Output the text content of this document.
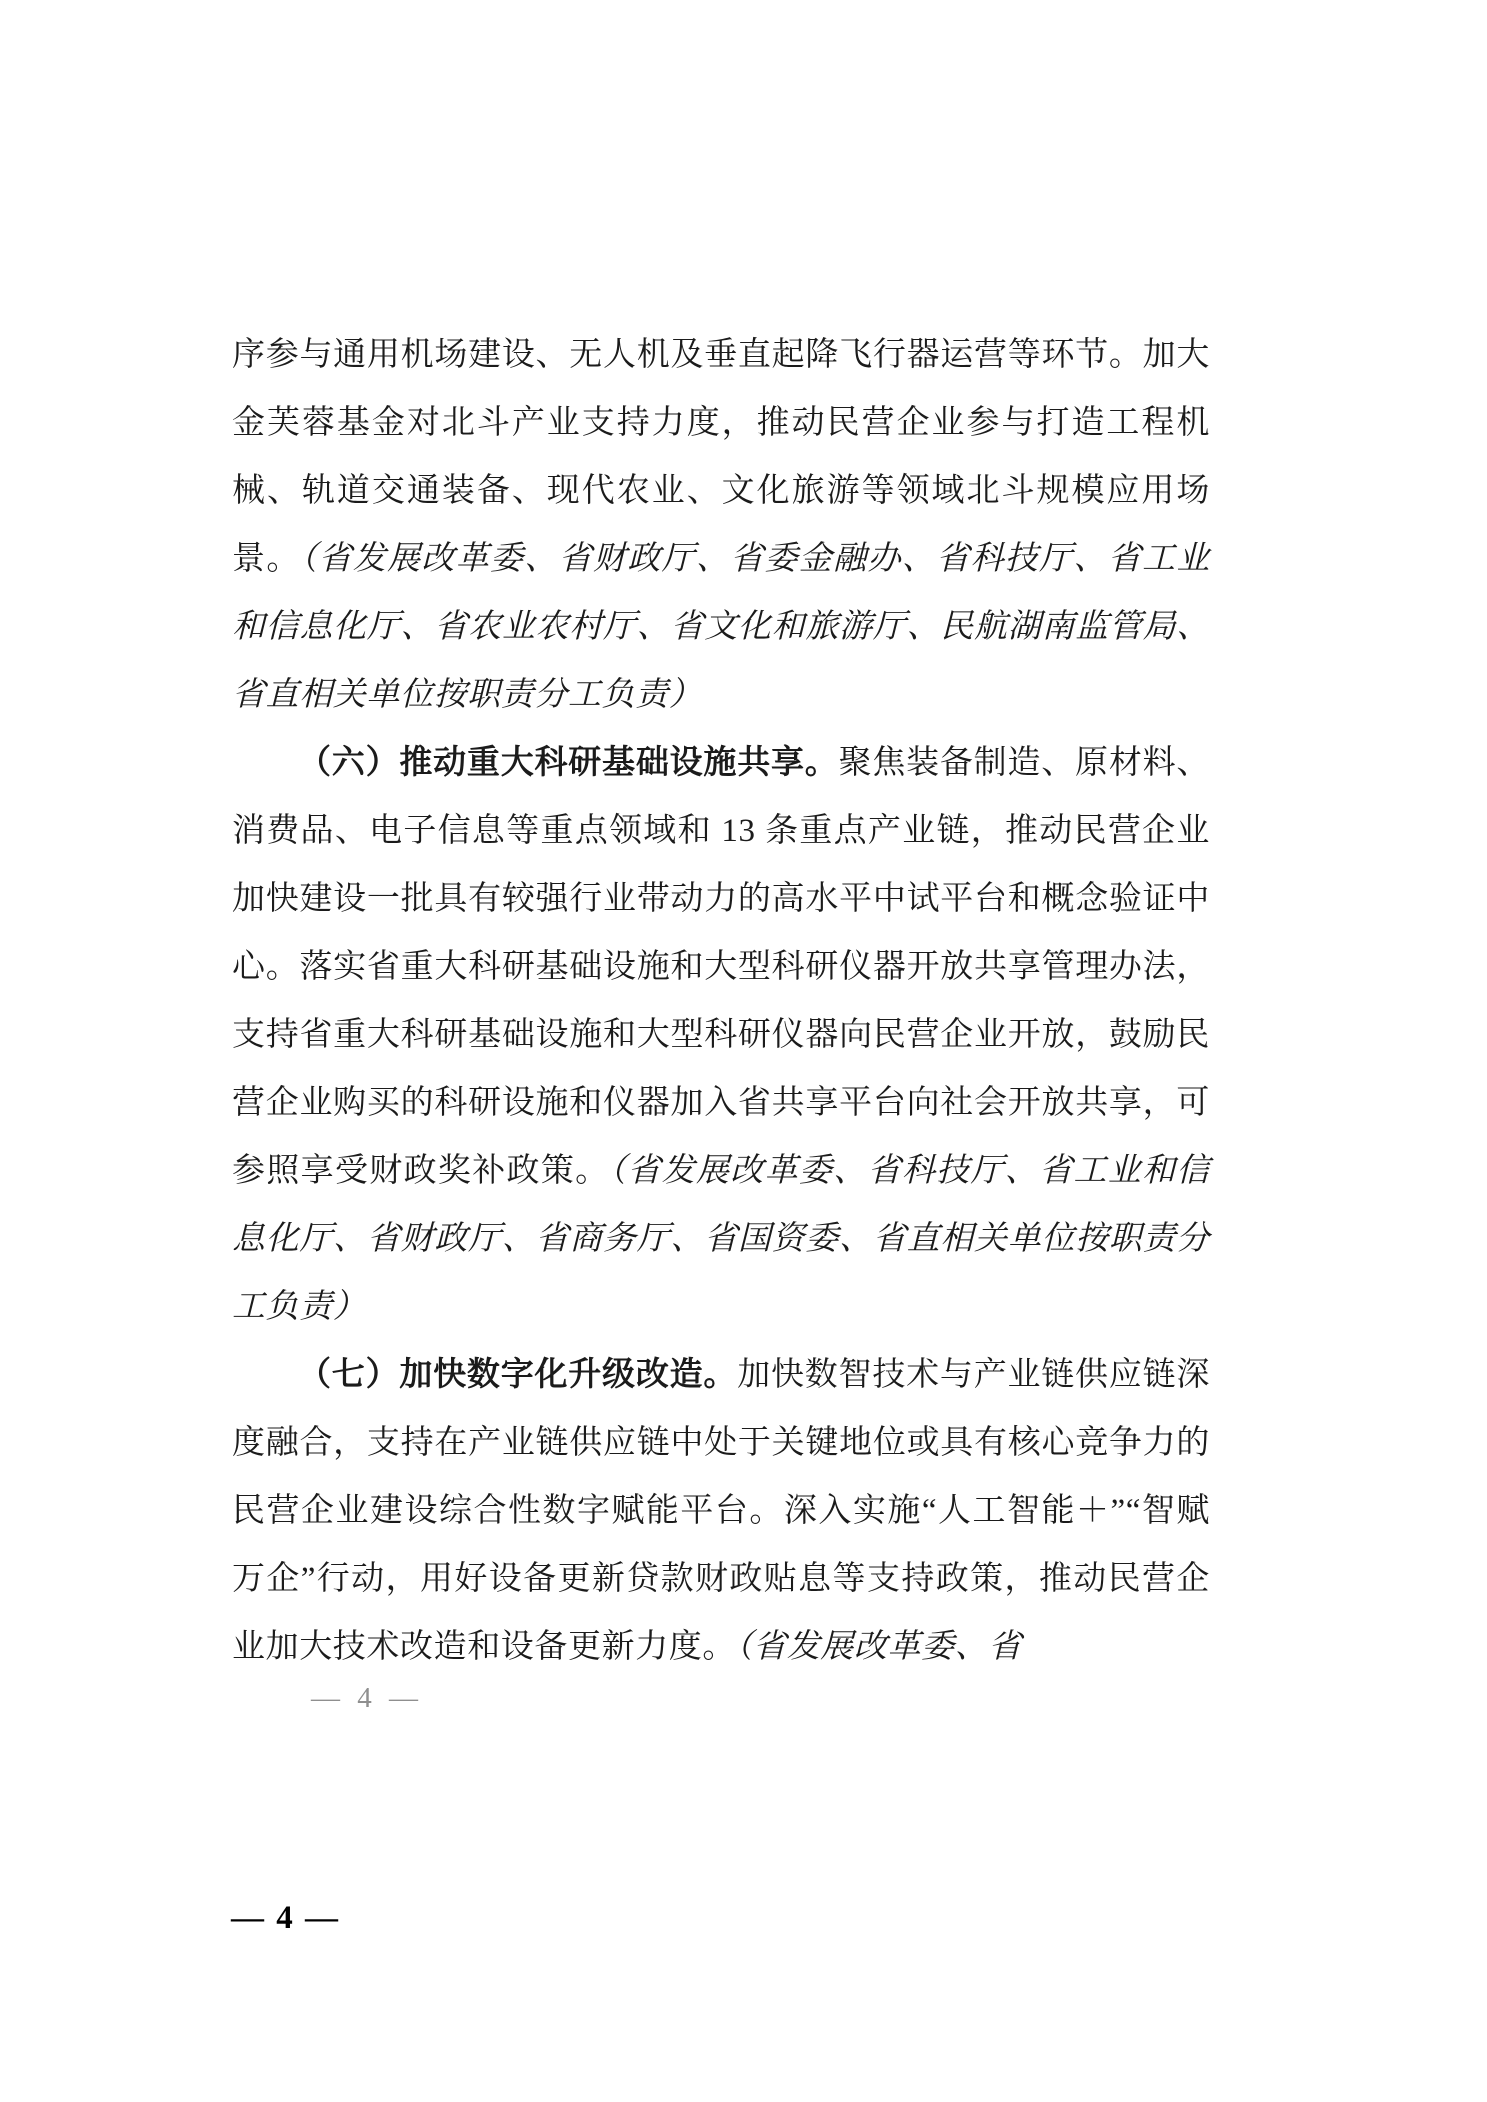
序参与通用机场建设、无人机及垂直起降飞行器运营等环节。加大金芙蓉基金对北斗产业支持力度，推动民营企业参与打造工程机械、轨道交通装备、现代农业、文化旅游等领域北斗规模应用场景。（省发展改革委、省财政厅、省委金融办、省科技厅、省工业和信息化厅、省农业农村厅、省文化和旅游厅、民航湖南监管局、省直相关单位按职责分工负责）

（六）推动重大科研基础设施共享。聚焦装备制造、原材料、消费品、电子信息等重点领域和 13 条重点产业链，推动民营企业加快建设一批具有较强行业带动力的高水平中试平台和概念验证中心。落实省重大科研基础设施和大型科研仪器开放共享管理办法，支持省重大科研基础设施和大型科研仪器向民营企业开放，鼓励民营企业购买的科研设施和仪器加入省共享平台向社会开放共享，可参照享受财政奖补政策。（省发展改革委、省科技厅、省工业和信息化厅、省财政厅、省商务厅、省国资委、省直相关单位按职责分工负责）

（七）加快数字化升级改造。加快数智技术与产业链供应链深度融合，支持在产业链供应链中处于关键地位或具有核心竞争力的民营企业建设综合性数字赋能平台。深入实施“人工智能＋”“智赋万企”行动，用好设备更新贷款财政贴息等支持政策，推动民营企业加大技术改造和设备更新力度。（省发展改革委、省

— 4 —
— 4 —
